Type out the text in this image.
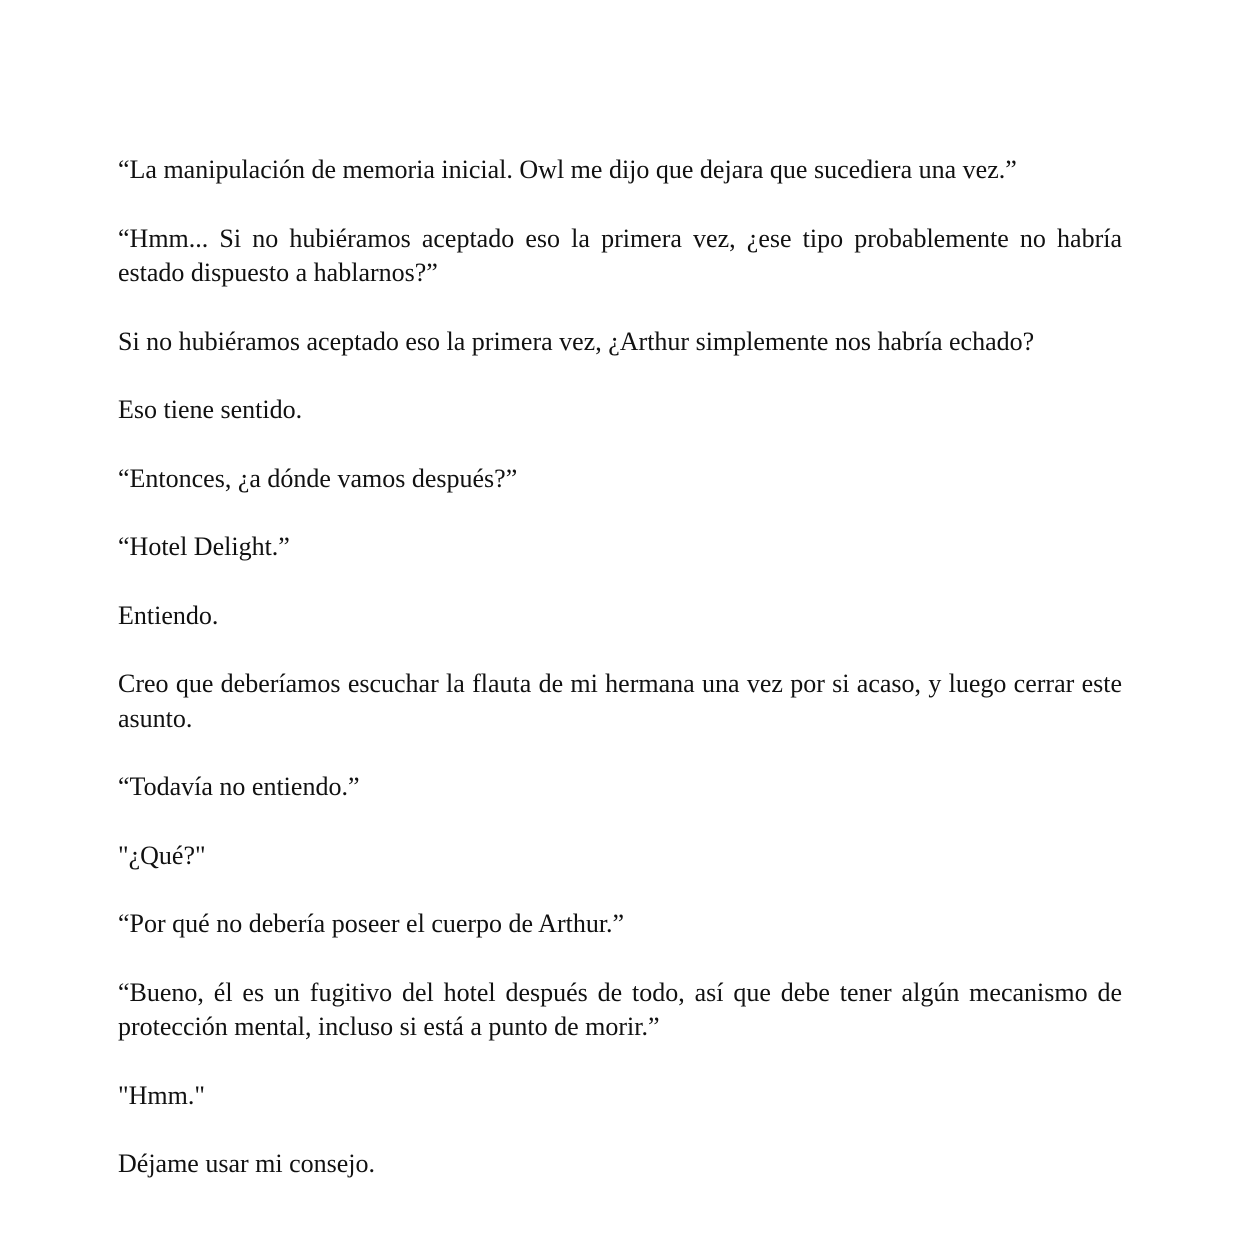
“La manipulación de memoria inicial. Owl me dijo que dejara que sucediera una vez.”

“Hmm... Si no hubiéramos aceptado eso la primera vez, ¿ese tipo probablemente no habría estado dispuesto a hablarnos?”

Si no hubiéramos aceptado eso la primera vez, ¿Arthur simplemente nos habría echado?

Eso tiene sentido.

“Entonces, ¿a dónde vamos después?”

“Hotel Delight.”

Entiendo.

Creo que deberíamos escuchar la flauta de mi hermana una vez por si acaso, y luego cerrar este asunto.

“Todavía no entiendo.”

"¿Qué?"

“Por qué no debería poseer el cuerpo de Arthur.”

“Bueno, él es un fugitivo del hotel después de todo, así que debe tener algún mecanismo de protección mental, incluso si está a punto de morir.”

"Hmm."

Déjame usar mi consejo.
